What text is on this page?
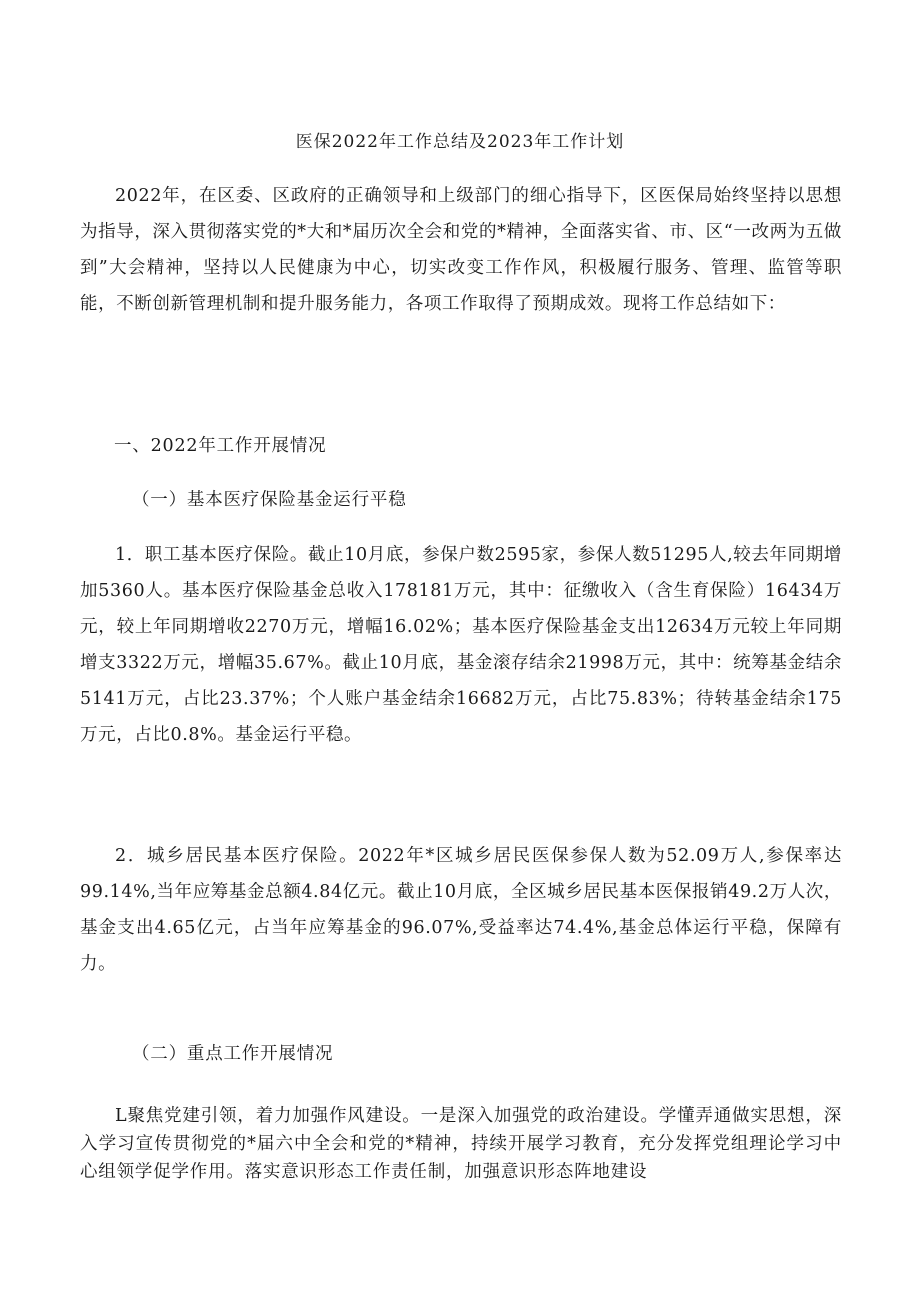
医保2022年工作总结及2023年工作计划

2022年，在区委、区政府的正确领导和上级部门的细心指导下，区医保局始终坚持以思想为指导，深入贯彻落实党的*大和*届历次全会和党的*精神，全面落实省、市、区“一改两为五做到”大会精神，坚持以人民健康为中心，切实改变工作作风，积极履行服务、管理、监管等职能，不断创新管理机制和提升服务能力，各项工作取得了预期成效。现将工作总结如下：

一、2022年工作开展情况

（一）基本医疗保险基金运行平稳

1．职工基本医疗保险。截止10月底，参保户数2595家，参保人数51295人,较去年同期增加5360人。基本医疗保险基金总收入178181万元，其中：征缴收入（含生育保险）16434万元，较上年同期增收2270万元，增幅16.02%；基本医疗保险基金支出12634万元较上年同期增支3322万元，增幅35.67%。截止10月底，基金滚存结余21998万元，其中：统筹基金结余5141万元，占比23.37%；个人账户基金结余16682万元，占比75.83%；待转基金结余175万元，占比0.8%。基金运行平稳。

2．城乡居民基本医疗保险。2022年*区城乡居民医保参保人数为52.09万人,参保率达99.14%,当年应筹基金总额4.84亿元。截止10月底，全区城乡居民基本医保报销49.2万人次，基金支出4.65亿元，占当年应筹基金的96.07%,受益率达74.4%,基金总体运行平稳，保障有力。

（二）重点工作开展情况

L聚焦党建引领，着力加强作风建设。一是深入加强党的政治建设。学懂弄通做实思想，深入学习宣传贯彻党的*届六中全会和党的*精神，持续开展学习教育，充分发挥党组理论学习中心组领学促学作用。落实意识形态工作责任制，加强意识形态阵地建设
